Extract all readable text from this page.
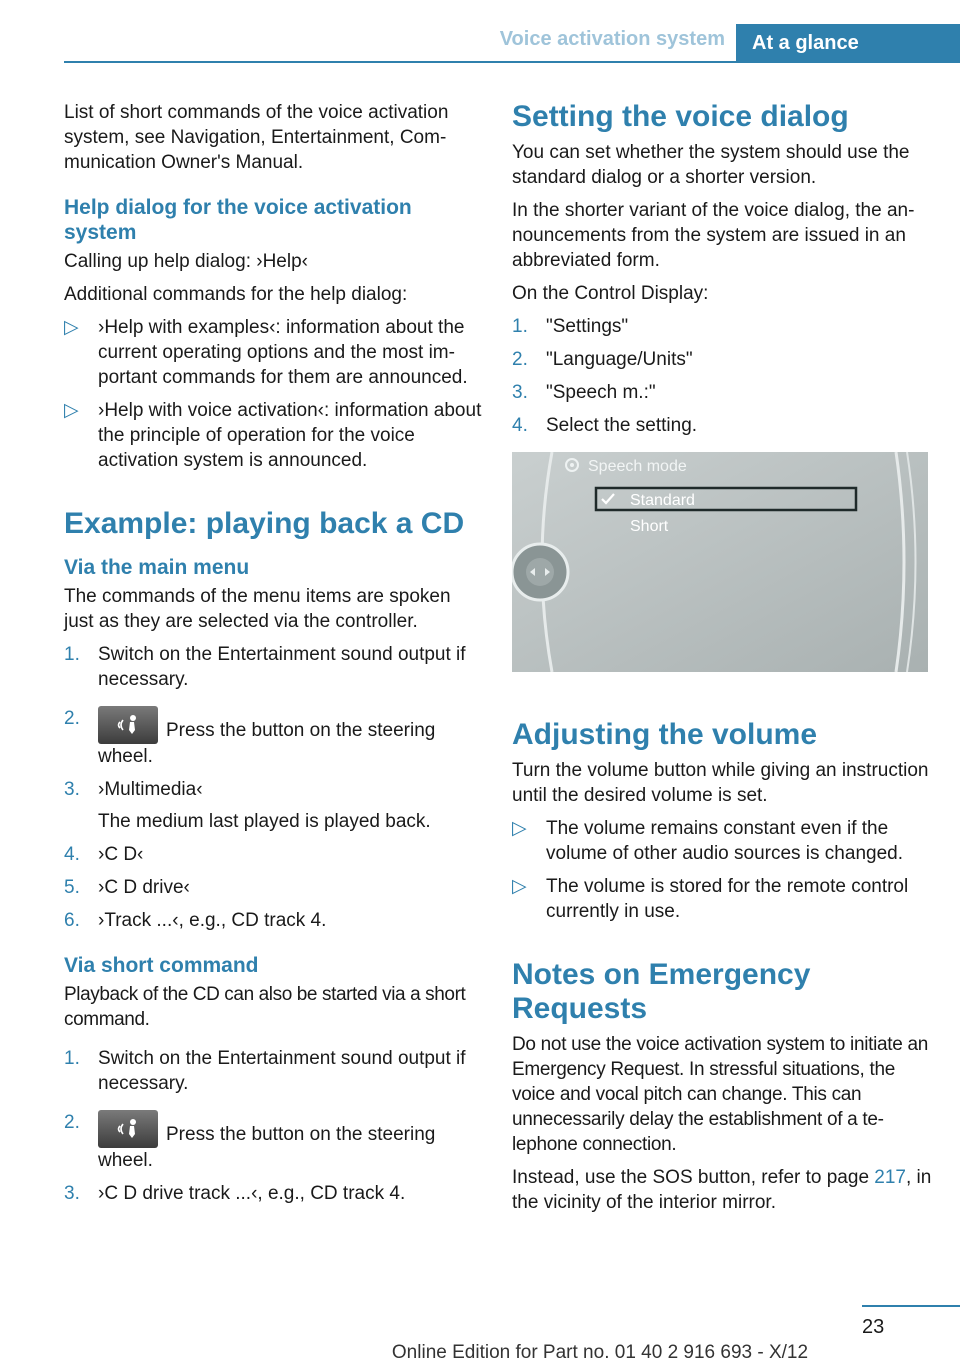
Voice activation system	At a glance

List of short commands of the voice activation system, see Navigation, Entertainment, Communication Owner's Manual.

Help dialog for the voice activation system

Calling up help dialog: ›Help‹

Additional commands for the help dialog:

▷ ›Help with examples‹: information about the current operating options and the most important commands for them are announced.
▷ ›Help with voice activation‹: information about the principle of operation for the voice activation system is announced.
Example: playing back a CD
Via the main menu

The commands of the menu items are spoken just as they are selected via the controller.

1. Switch on the Entertainment sound output if necessary.
2.
Press the button on the steering wheel.
3. ›Multimedia‹
The medium last played is played back.
4. ›C D‹
5. ›C D drive‹
6. ›Track ...‹, e.g., CD track 4.
Via short command

Playback of the CD can also be started via a short command.

1. Switch on the Entertainment sound output if necessary.
2.
Press the button on the steering wheel.
3. ›C D drive track ...‹, e.g., CD track 4.
Setting the voice dialog

You can set whether the system should use the standard dialog or a shorter version.

In the shorter variant of the voice dialog, the announcements from the system are issued in an abbreviated form.

On the Control Display:

1. "Settings"
2. "Language/Units"
3. "Speech m.:"
4. Select the setting.
Speech mode
Standard
Short
Adjusting the volume

Turn the volume button while giving an instruction until the desired volume is set.

▷ The volume remains constant even if the volume of other audio sources is changed.
▷ The volume is stored for the remote control currently in use.
Notes on Emergency Requests

Do not use the voice activation system to initiate an Emergency Request. In stressful situations, the voice and vocal pitch can change. This can unnecessarily delay the establishment of a telephone connection.

Instead, use the SOS button, refer to page 217, in the vicinity of the interior mirror.

23
Online Edition for Part no. 01 40 2 916 693 - X/12
